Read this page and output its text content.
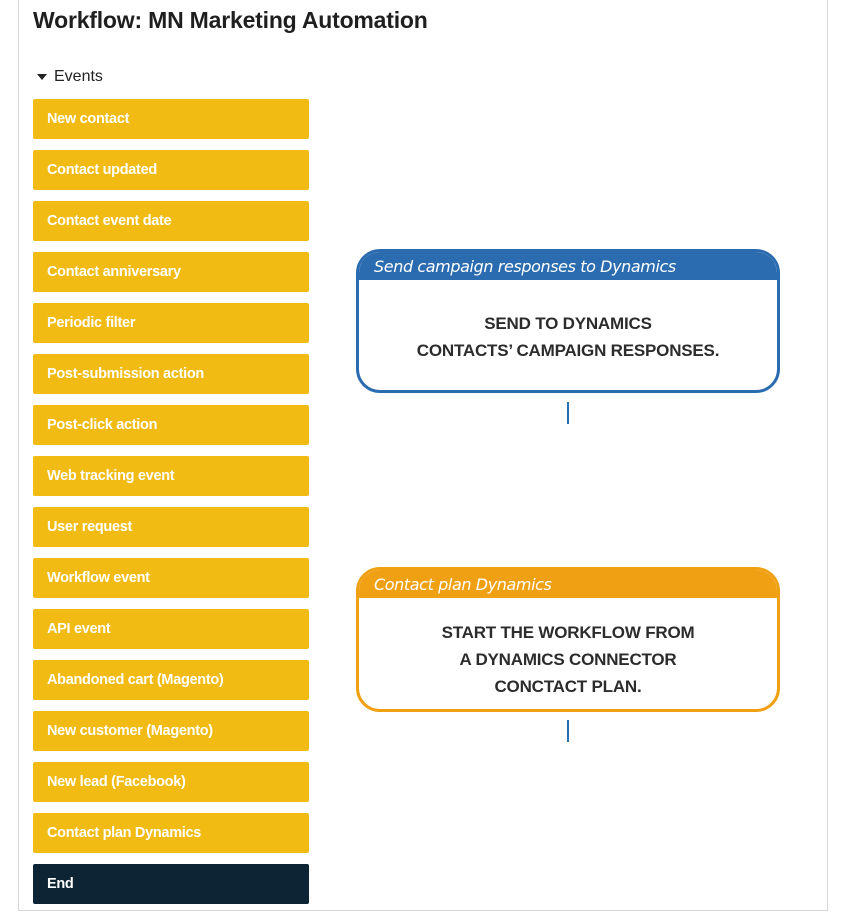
Workflow: MN Marketing Automation
Events
New contact
Contact updated
Contact event date
Contact anniversary
Periodic filter
Post-submission action
Post-click action
Web tracking event
User request
Workflow event
API event
Abandoned cart (Magento)
New customer (Magento)
New lead (Facebook)
Contact plan Dynamics
End
Send campaign responses to Dynamics
SEND TO DYNAMICS
CONTACTS’ CAMPAIGN RESPONSES.
Contact plan Dynamics
START THE WORKFLOW FROM
A DYNAMICS CONNECTOR
CONCTACT PLAN.
